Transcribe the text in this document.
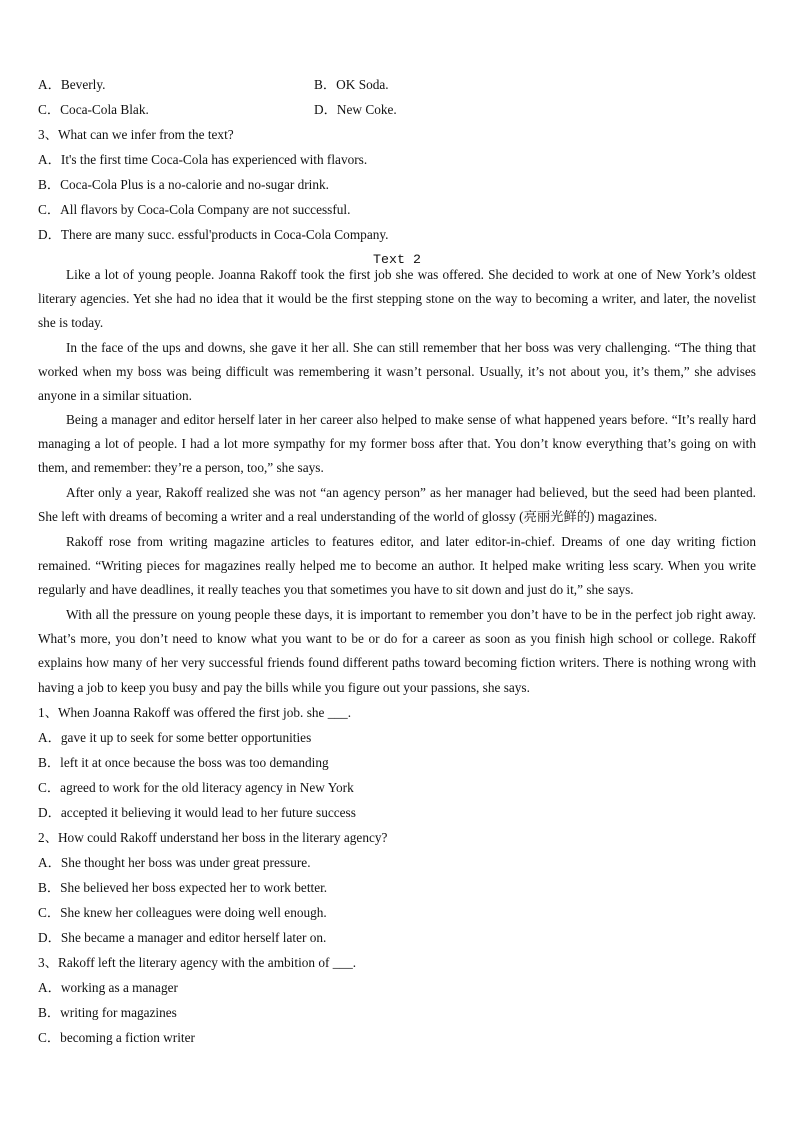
A．Beverly.	B．OK Soda.
C．Coca-Cola Blak.	D．New Coke.
3、What can we infer from the text?
A．It's the first time Coca-Cola has experienced with flavors.
B．Coca-Cola Plus is a no-calorie and no-sugar drink.
C．All flavors by Coca-Cola Company are not successful.
D．There are many succ. essful'products in Coca-Cola Company.
Text 2

Like a lot of young people. Joanna Rakoff took the first job she was offered. She decided to work at one of New York’s oldest literary agencies. Yet she had no idea that it would be the first stepping stone on the way to becoming a writer, and later, the novelist she is today.

In the face of the ups and downs, she gave it her all. She can still remember that her boss was very challenging. “The thing that worked when my boss was being difficult was remembering it wasn’t personal. Usually, it’s not about you, it’s them,” she advises anyone in a similar situation.

Being a manager and editor herself later in her career also helped to make sense of what happened years before. “It’s really hard managing a lot of people. I had a lot more sympathy for my former boss after that. You don’t know everything that’s going on with them, and remember: they’re a person, too,” she says.

After only a year, Rakoff realized she was not “an agency person” as her manager had believed, but the seed had been planted. She left with dreams of becoming a writer and a real understanding of the world of glossy (亮丽光鲜的) magazines.

Rakoff rose from writing magazine articles to features editor, and later editor-in-chief. Dreams of one day writing fiction remained. “Writing pieces for magazines really helped me to become an author. It helped make writing less scary. When you write regularly and have deadlines, it really teaches you that sometimes you have to sit down and just do it,” she says.

With all the pressure on young people these days, it is important to remember you don’t have to be in the perfect job right away. What’s more, you don’t need to know what you want to be or do for a career as soon as you finish high school or college. Rakoff explains how many of her very successful friends found different paths toward becoming fiction writers. There is nothing wrong with having a job to keep you busy and pay the bills while you figure out your passions, she says.

1、When Joanna Rakoff was offered the first job. she ___.
A．gave it up to seek for some better opportunities
B．left it at once because the boss was too demanding
C．agreed to work for the old literacy agency in New York
D．accepted it believing it would lead to her future success
2、How could Rakoff understand her boss in the literary agency?
A．She thought her boss was under great pressure.
B．She believed her boss expected her to work better.
C．She knew her colleagues were doing well enough.
D．She became a manager and editor herself later on.
3、Rakoff left the literary agency with the ambition of ___.
A．working as a manager
B．writing for magazines
C．becoming a fiction writer
